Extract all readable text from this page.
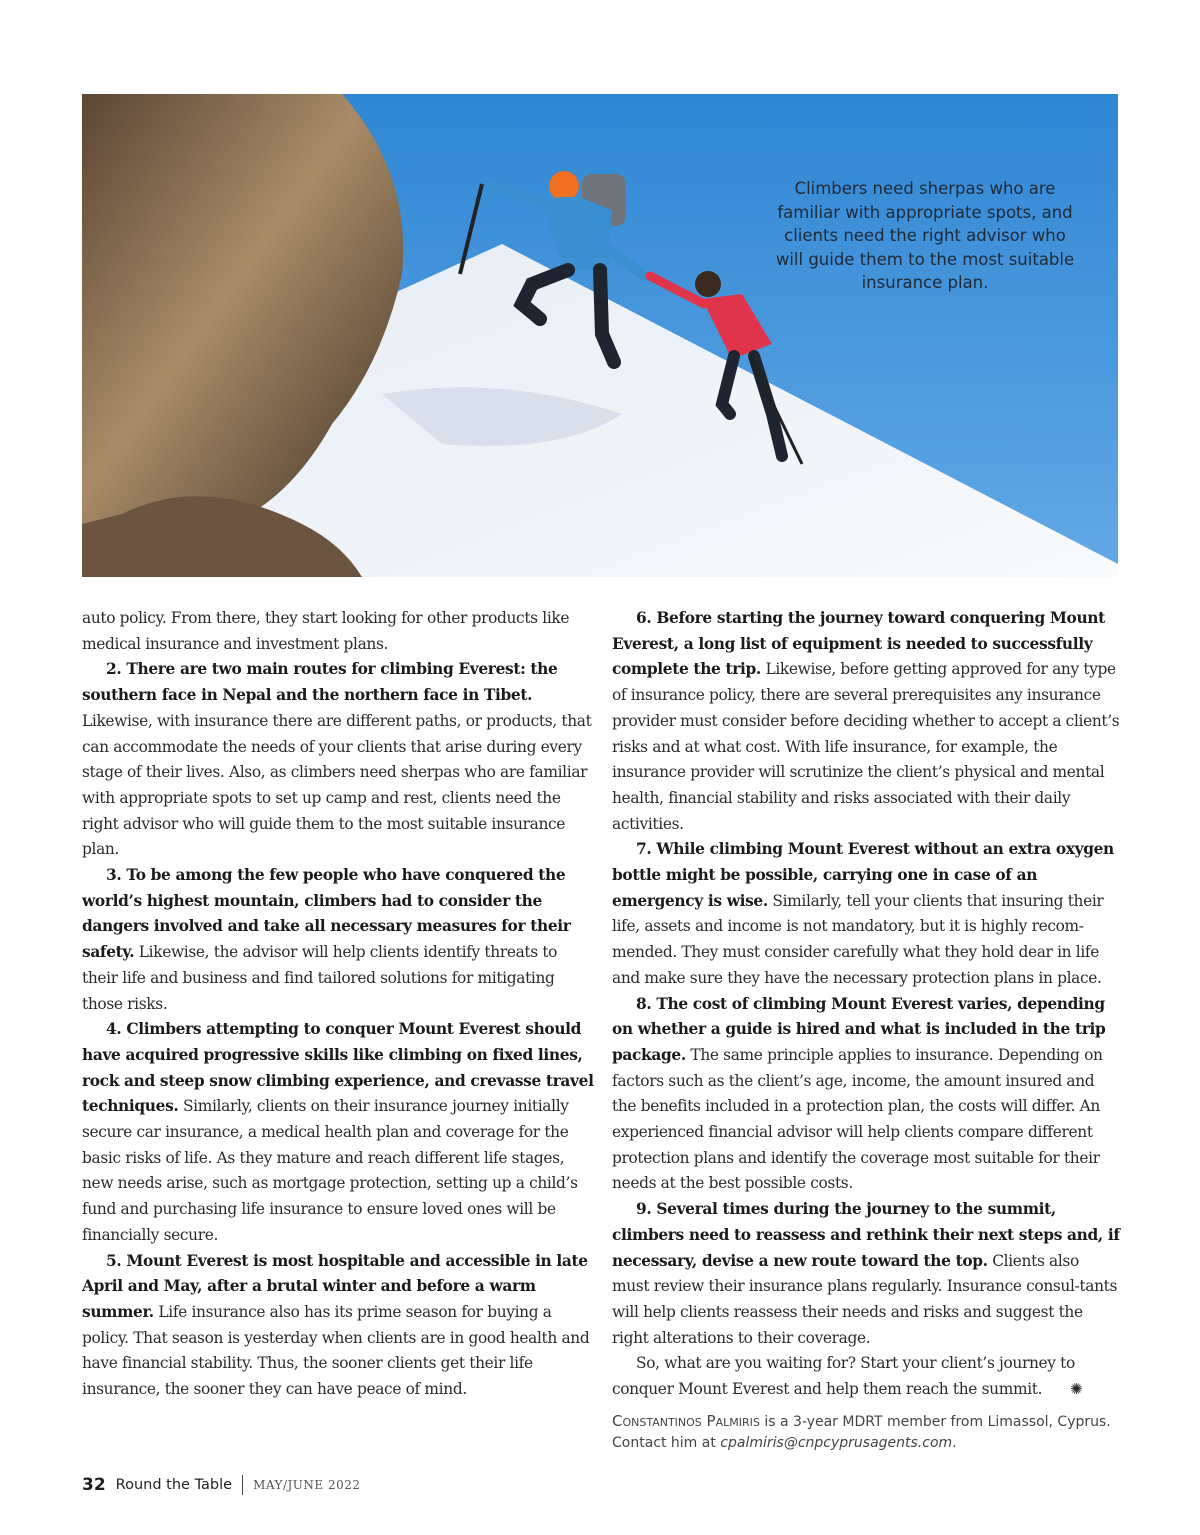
Climbers need sherpas who are familiar with appropriate spots, and clients need the right advisor who will guide them to the most suitable insurance plan.

auto policy. From there, they start looking for other products like medical insurance and investment plans.

2. There are two main routes for climbing Everest: the southern face in Nepal and the northern face in Tibet. Likewise, with insurance there are different paths, or products, that can accommodate the needs of your clients that arise during every stage of their lives. Also, as climbers need sherpas who are familiar with appropriate spots to set up camp and rest, clients need the right advisor who will guide them to the most suitable insurance plan.

3. To be among the few people who have conquered the world’s highest mountain, climbers had to consider the dangers involved and take all necessary measures for their safety. Likewise, the advisor will help clients identify threats to their life and business and find tailored solutions for mitigating those risks.

4. Climbers attempting to conquer Mount Everest should have acquired progressive skills like climbing on fixed lines, rock and steep snow climbing experience, and crevasse travel techniques. Similarly, clients on their insurance journey initially secure car insurance, a medical health plan and coverage for the basic risks of life. As they mature and reach different life stages, new needs arise, such as mortgage protection, setting up a child’s fund and purchasing life insurance to ensure loved ones will be financially secure.

5. Mount Everest is most hospitable and accessible in late April and May, after a brutal winter and before a warm summer. Life insurance also has its prime season for buying a policy. That season is yesterday when clients are in good health and have financial stability. Thus, the sooner clients get their life insurance, the sooner they can have peace of mind.

6. Before starting the journey toward conquering Mount Everest, a long list of equipment is needed to successfully complete the trip. Likewise, before getting approved for any type of insurance policy, there are several prerequisites any insurance provider must consider before deciding whether to accept a client’s risks and at what cost. With life insurance, for example, the insurance provider will scrutinize the client’s physical and mental health, financial stability and risks associated with their daily activities.

7. While climbing Mount Everest without an extra oxygen bottle might be possible, carrying one in case of an emergency is wise. Similarly, tell your clients that insuring their life, assets and income is not mandatory, but it is highly recom-mended. They must consider carefully what they hold dear in life and make sure they have the necessary protection plans in place.

8. The cost of climbing Mount Everest varies, depending on whether a guide is hired and what is included in the trip package. The same principle applies to insurance. Depending on factors such as the client’s age, income, the amount insured and the benefits included in a protection plan, the costs will differ. An experienced financial advisor will help clients compare different protection plans and identify the coverage most suitable for their needs at the best possible costs.

9. Several times during the journey to the summit, climbers need to reassess and rethink their next steps and, if necessary, devise a new route toward the top. Clients also must review their insurance plans regularly. Insurance consul-tants will help clients reassess their needs and risks and suggest the right alterations to their coverage.

So, what are you waiting for? Start your client’s journey to conquer Mount Everest and help them reach the summit. ✺

Constantinos Palmiris is a 3-year MDRT member from Limassol, Cyprus. Contact him at cpalmiris@cnpcyprusagents.com.
32 Round the Table MAY/JUNE 2022
